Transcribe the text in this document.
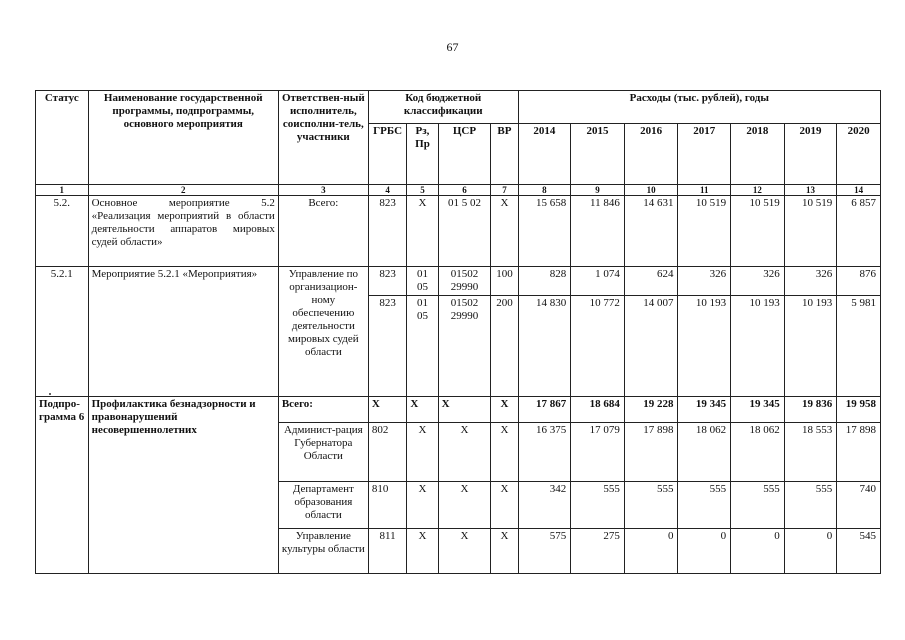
67
Статус	Наименование государственной программы, подпрограммы, основного мероприятия	Ответствен-ный исполнитель, соисполни-тель, участники	Код бюджетной классификации				Расходы (тыс. рублей), годы						
			ГРБС	Рз, Пр	ЦСР	ВР	2014	2015	2016	2017	2018	2019	2020
1	2	3	4	5	6	7	8	9	10	11	12	13	14
5.2.	Основное мероприятие 5.2 «Реализация мероприятий в области деятельности аппаратов мировых судей области»	Всего:	823	Х	01 5 02	Х	15 658	11 846	14 631	10 519	10 519	10 519	6 857
5.2.1	Мероприятие 5.2.1 «Мероприятия»	Управление по организацион-ному обеспечению деятельности мировых судей области	823	01 05	01502 29990	100	828	1 074	624	326	326	326	876
			823	01 05	01502 29990	200	14 830	10 772	14 007	10 193	10 193	10 193	5 981
Подпро-грамма 6	Профилактика безнадзорности и правонарушений несовершеннолетних	Всего:	Х	Х	Х	Х	17 867	18 684	19 228	19 345	19 345	19 836	19 958
		Админист-рация Губернатора Области	802	Х	Х	Х	16 375	17 079	17 898	18 062	18 062	18 553	17 898
		Департамент образования области	810	Х	Х	Х	342	555	555	555	555	555	740
		Управление культуры области	811	Х	Х	Х	575	275	0	0	0	0	545
